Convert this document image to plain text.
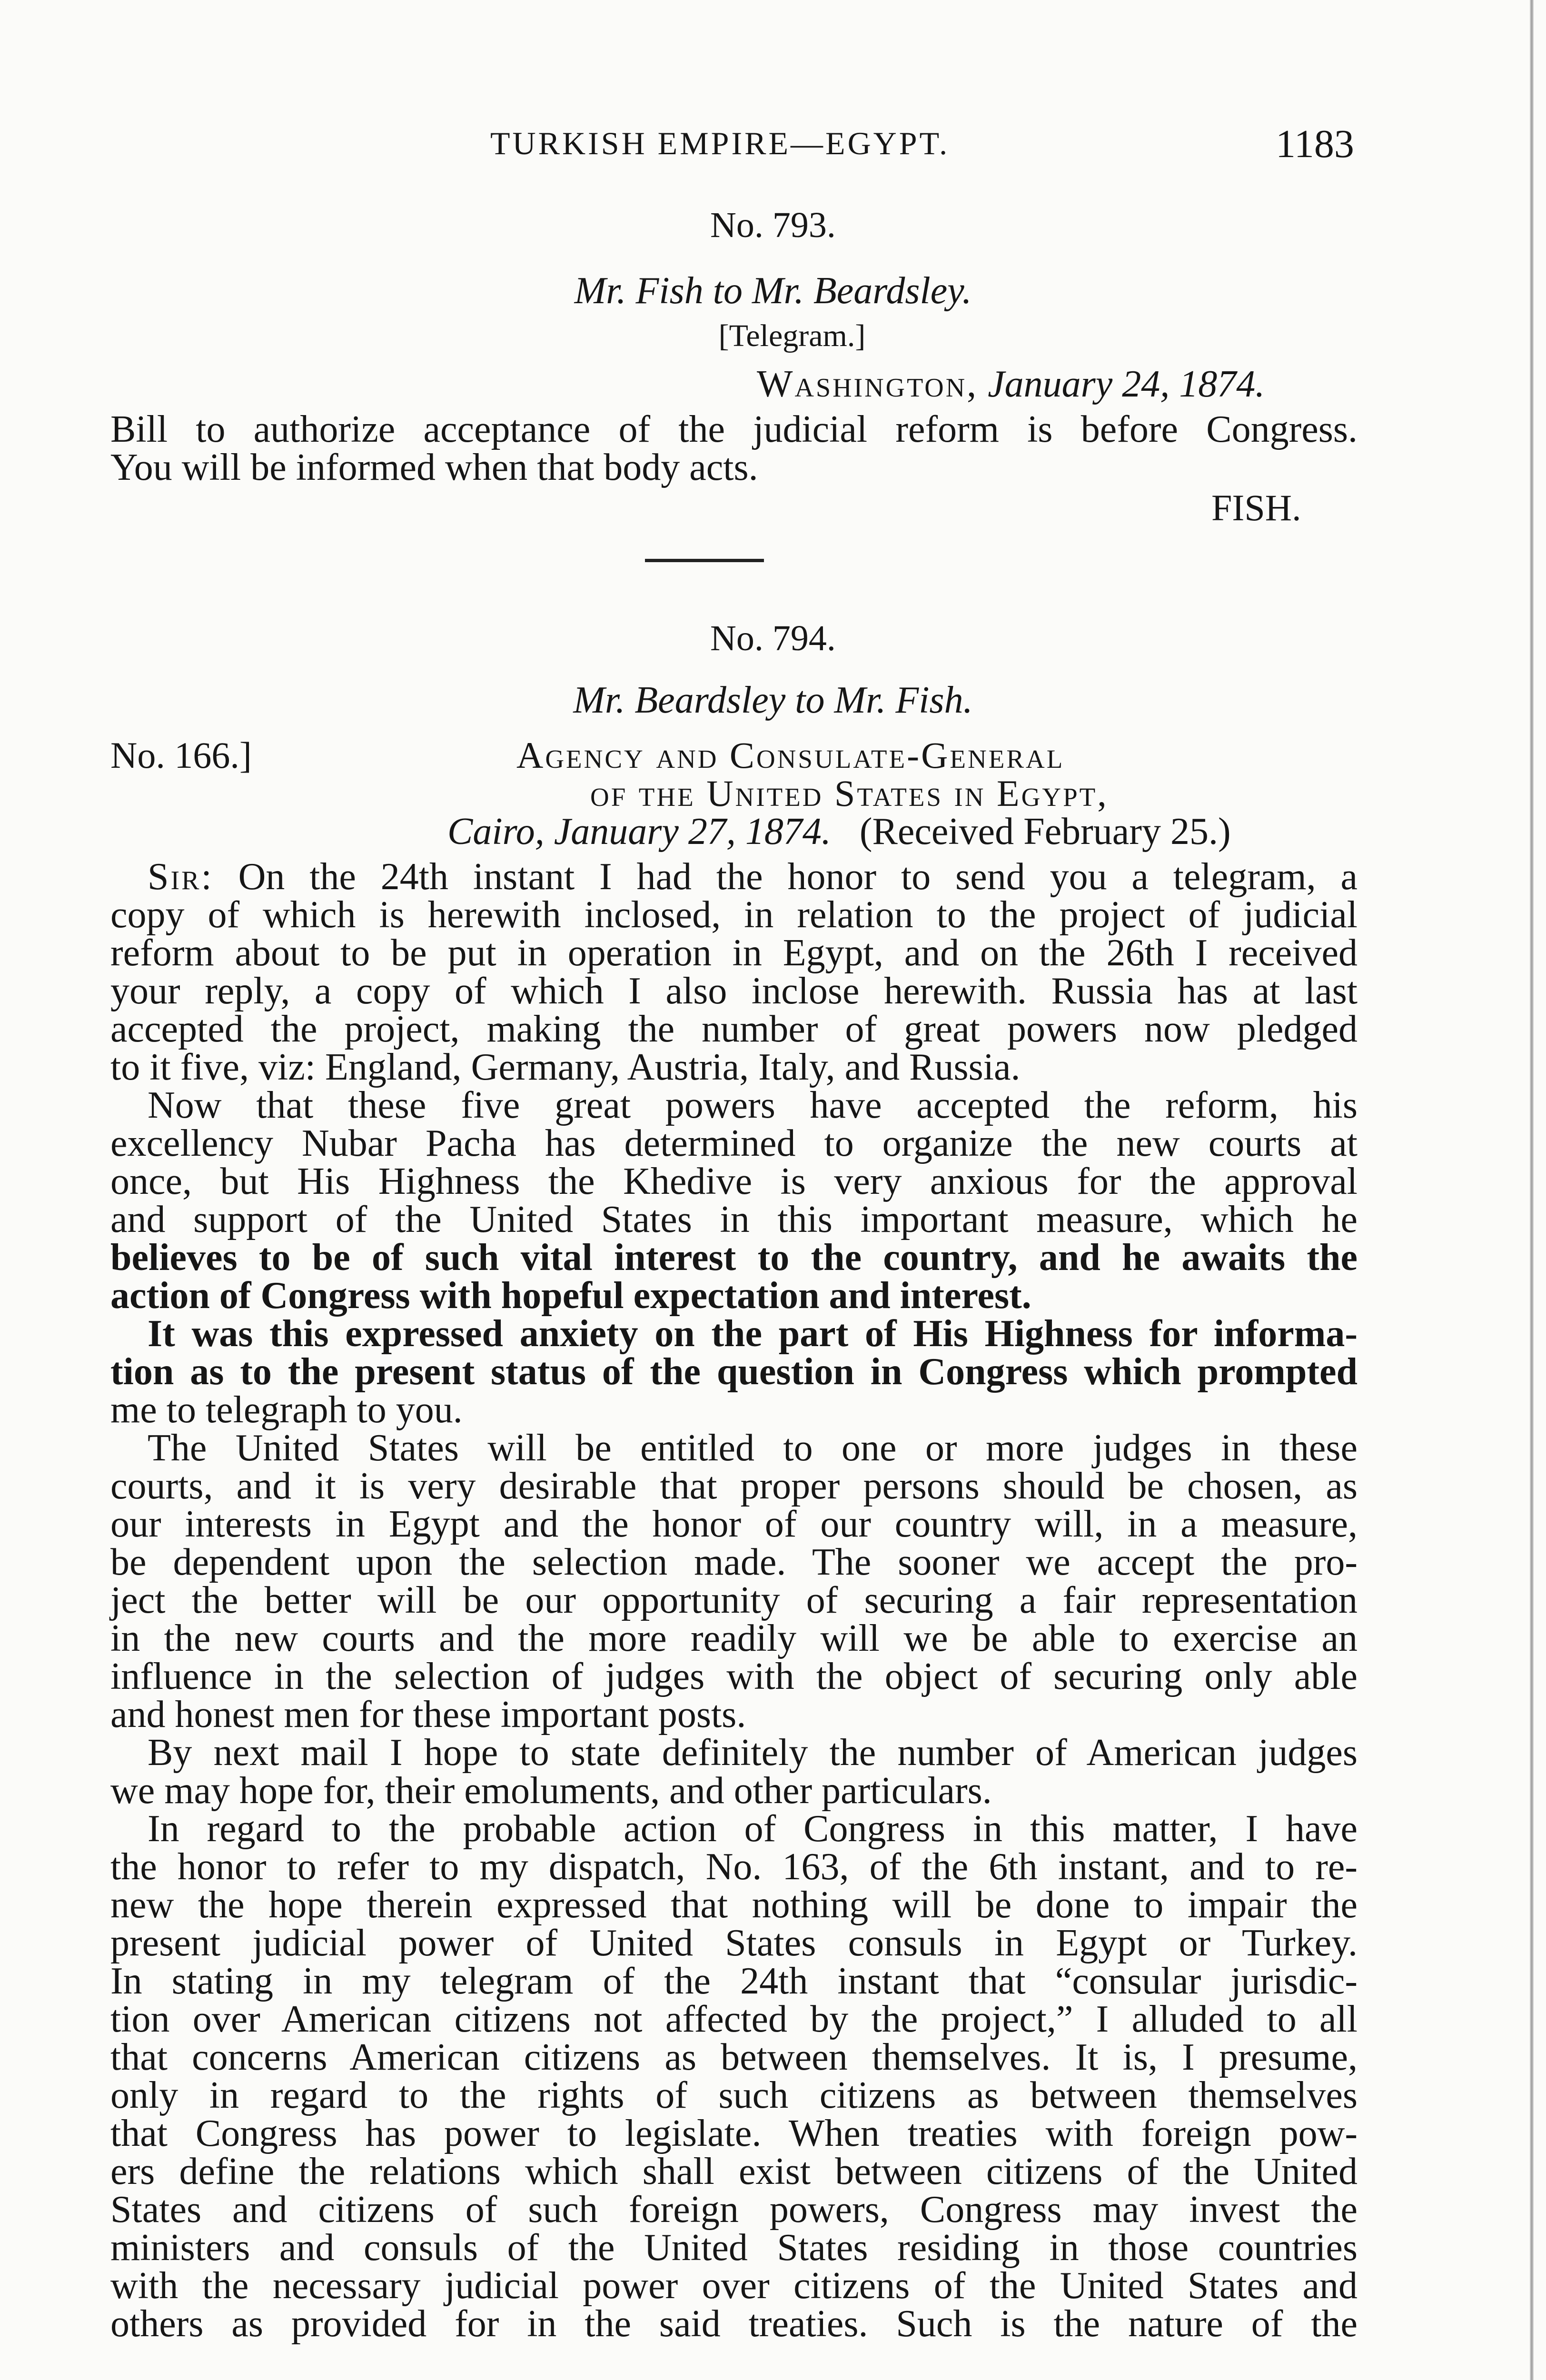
TURKISH EMPIRE—EGYPT.	1183
No. 793.
Mr. Fish to Mr. Beardsley.
[Telegram.]
Washington, January 24, 1874.
Bill to authorize acceptance of the judicial reform is before Congress.
You will be informed when that body acts.
FISH.
No. 794.
Mr. Beardsley to Mr. Fish.
No. 166.]	Agency and Consulate-General
of the United States in Egypt,
Cairo, January 27, 1874. (Received February 25.)
Sir: On the 24th instant I had the honor to send you a telegram, a
copy of which is herewith inclosed, in relation to the project of judicial
reform about to be put in operation in Egypt, and on the 26th I received
your reply, a copy of which I also inclose herewith. Russia has at last
accepted the project, making the number of great powers now pledged
to it five, viz: England, Germany, Austria, Italy, and Russia.
Now that these five great powers have accepted the reform, his
excellency Nubar Pacha has determined to organize the new courts at
once, but His Highness the Khedive is very anxious for the approval
and support of the United States in this important measure, which he
believes to be of such vital interest to the country, and he awaits the
action of Congress with hopeful expectation and interest.
It was this expressed anxiety on the part of His Highness for informa-
tion as to the present status of the question in Congress which prompted
me to telegraph to you.
The United States will be entitled to one or more judges in these
courts, and it is very desirable that proper persons should be chosen, as
our interests in Egypt and the honor of our country will, in a measure,
be dependent upon the selection made. The sooner we accept the pro-
ject the better will be our opportunity of securing a fair representation
in the new courts and the more readily will we be able to exercise an
influence in the selection of judges with the object of securing only able
and honest men for these important posts.
By next mail I hope to state definitely the number of American judges
we may hope for, their emoluments, and other particulars.
In regard to the probable action of Congress in this matter, I have
the honor to refer to my dispatch, No. 163, of the 6th instant, and to re-
new the hope therein expressed that nothing will be done to impair the
present judicial power of United States consuls in Egypt or Turkey.
In stating in my telegram of the 24th instant that “consular jurisdic-
tion over American citizens not affected by the project,” I alluded to all
that concerns American citizens as between themselves. It is, I presume,
only in regard to the rights of such citizens as between themselves
that Congress has power to legislate. When treaties with foreign pow-
ers define the relations which shall exist between citizens of the United
States and citizens of such foreign powers, Congress may invest the
ministers and consuls of the United States residing in those countries
with the necessary judicial power over citizens of the United States and
others as provided for in the said treaties. Such is the nature of the
